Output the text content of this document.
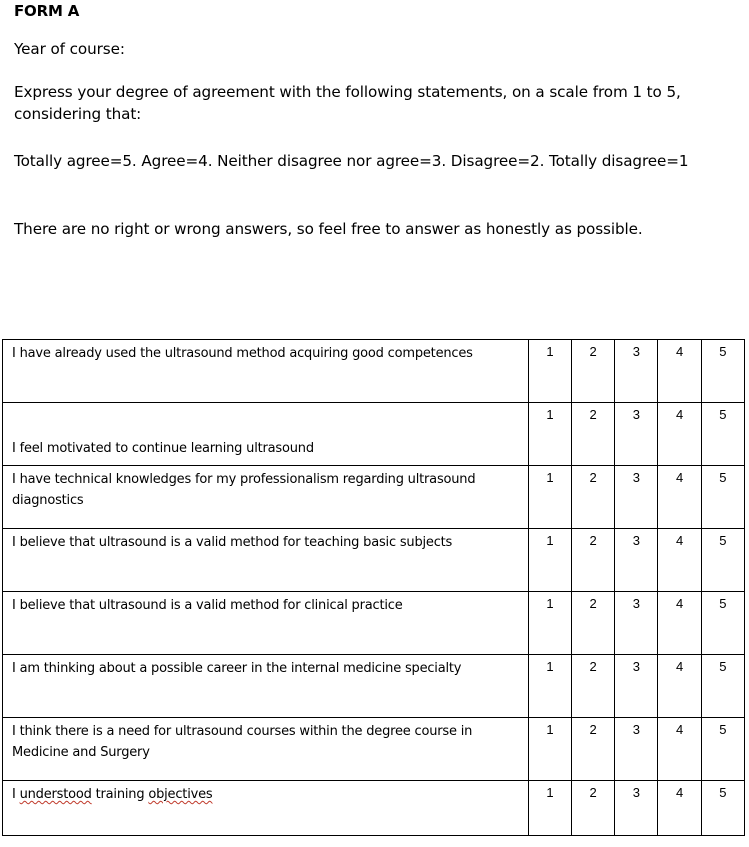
FORM A
Year of course:
Express your degree of agreement with the following statements, on a scale from 1 to 5, considering that:
Totally agree=5. Agree=4. Neither disagree nor agree=3. Disagree=2. Totally disagree=1
There are no right or wrong answers, so feel free to answer as honestly as possible.
I have already used the ultrasound method acquiring good competences	1	2	3	4	5
I feel motivated to continue learning ultrasound	1	2	3	4	5
I have technical knowledges for my professionalism regarding ultrasound diagnostics	1	2	3	4	5
I believe that ultrasound is a valid method for teaching basic subjects	1	2	3	4	5
I believe that ultrasound is a valid method for clinical practice	1	2	3	4	5
I am thinking about a possible career in the internal medicine specialty	1	2	3	4	5
I think there is a need for ultrasound courses within the degree course in Medicine and Surgery	1	2	3	4	5
I understood training objectives	1	2	3	4	5
